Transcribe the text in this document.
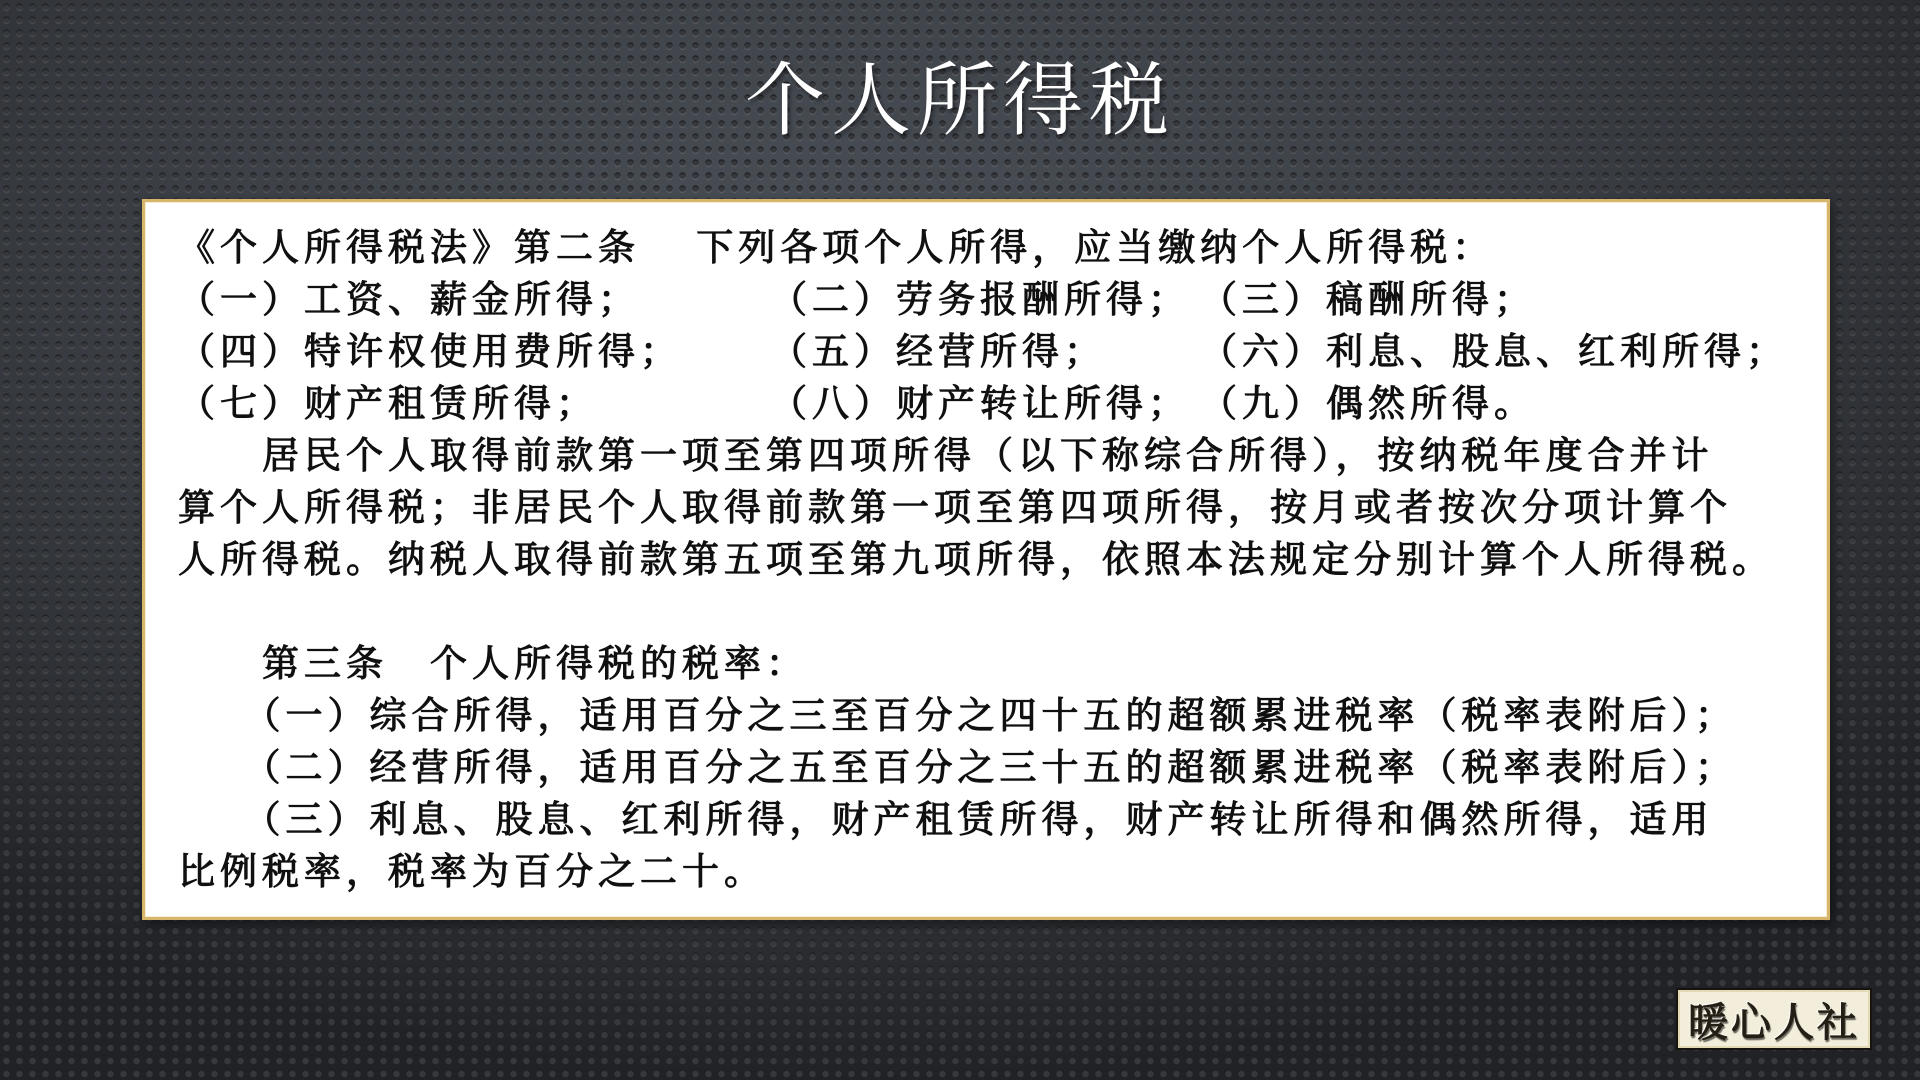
个人所得税
《个人所得税法》第二条　 下列各项个人所得，应当缴纳个人所得税：
（一）工资、薪金所得；	（二）劳务报酬所得； （三）稿酬所得；
（四）特许权使用费所得；	（五）经营所得；	（六）利息、股息、红利所得；
（七）财产租赁所得；	（八）财产转让所得； （九）偶然所得。
　　居民个人取得前款第一项至第四项所得（以下称综合所得），按纳税年度合并计
算个人所得税；非居民个人取得前款第一项至第四项所得，按月或者按次分项计算个
人所得税。纳税人取得前款第五项至第九项所得，依照本法规定分别计算个人所得税。
　　第三条　个人所得税的税率：
　　（一）综合所得，适用百分之三至百分之四十五的超额累进税率（税率表附后）；
　　（二）经营所得，适用百分之五至百分之三十五的超额累进税率（税率表附后）；
　　（三）利息、股息、红利所得，财产租赁所得，财产转让所得和偶然所得，适用
比例税率，税率为百分之二十。
暖心人社
